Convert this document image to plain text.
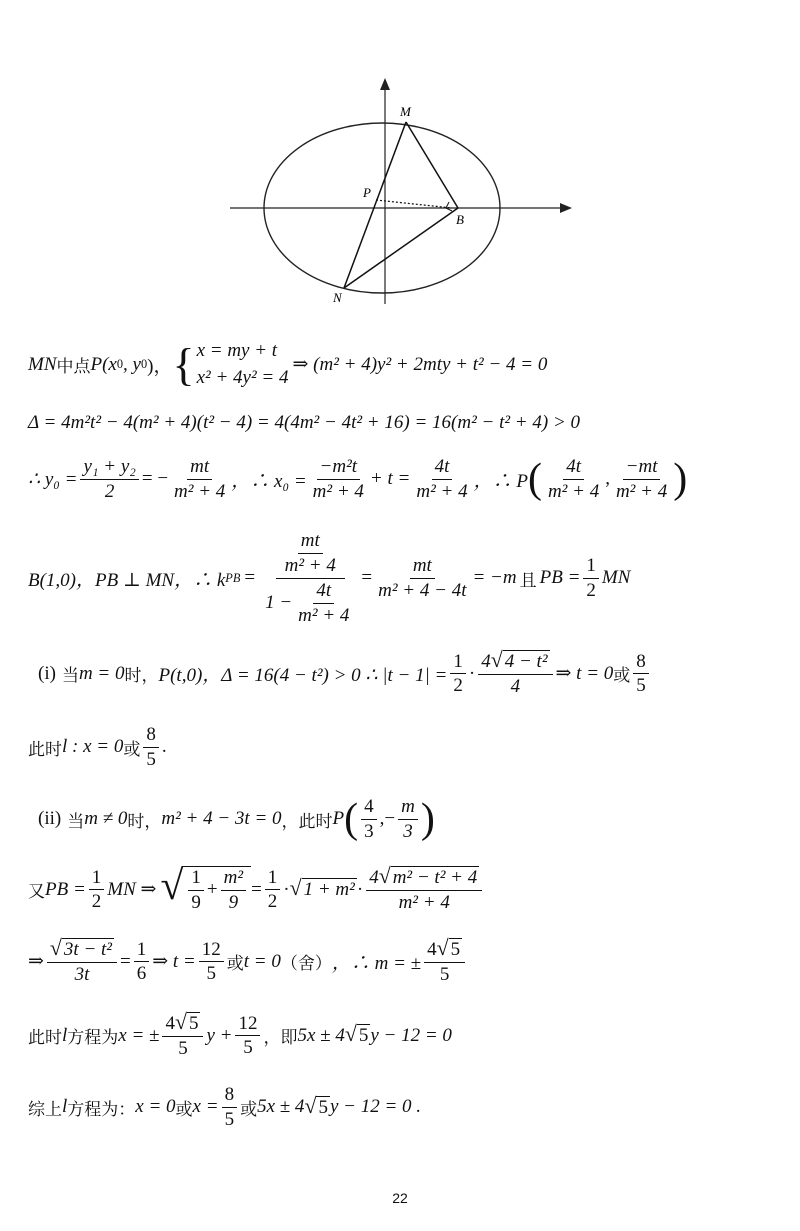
M
P
B
N
MN 中点 P(x 0 , y 0 )， { x = my + t
x² + 4y² = 4
⇒ (m² + 4)y² + 2mty + t² − 4 = 0
Δ = 4m²t² − 4(m² + 4)(t² − 4) = 4(4m² − 4t² + 16) = 16(m² − t² + 4) > 0
∴ $y_0 = \frac{\text{y₁ + y₂}}{2}$ = − $\frac{mt}{\text{m² + 4}}$ ，∴ $x_0 = \frac{\text{−m²t}}{\text{m² + 4}} + t = \frac{4t}{\text{m² + 4}}$ ，∴ P ( $\frac{4t}{\text{m² + 4}}$ , $\frac{-mt}{\text{m² + 4}}$ )
B(1,0)，PB ⊥ MN，∴ k PB = $\frac{\frac{mt}{\text{m² + 4}}}{1 - \frac{4t}{\text{m² + 4}}} = \frac{mt}{\text{m² + 4 − 4t}} = -m$ 且 PB = $\frac{1}{2}$ MN
(i) 当 m = 0 时， P(t,0)，Δ = 16(4 − t²) > 0 ∴ $|t - 1| = \frac{1}{2} \cdot \frac{\text{4 √ 4 − t²}}{4}$ ⇒ t = 0 或 $\frac{8}{5}$
此时 l : x = 0 或 $\frac{8}{5}$ .
(ii) 当 m ≠ 0 时， m² + 4 − 3t = 0 ，此时 P ( $\frac{4}{3}$ ,− $\frac{m}{3}$ )
又 PB = $\frac{1}{2}$ MN ⇒ √ $\frac{1}{9} + \frac{\text{m²}}{9} = \frac{1}{2}$ · √ $1 + m^2 \cdot \frac{\text{4 √ m² − t² + 4}}{\text{m² + 4}}$
⇒ $\frac{\text{√ 3t − t²}}{3t} = \frac{1}{6}$ ⇒ $t = \frac{12}{5}$ 或 t = 0 （舍） ，∴ m = ± $\frac{4 √ 5}{5}$
此时 l 方程为 x = ± $\frac{4 √ 5}{5}$ $y + \frac{12}{5}$ ，即 5x ± 4 √ 5 y − 12 = 0
综上 l 方程为： x = 0 或 $x = \frac{8}{5}$ 或 5x ± 4 √ 5 y − 12 = 0 .
22
